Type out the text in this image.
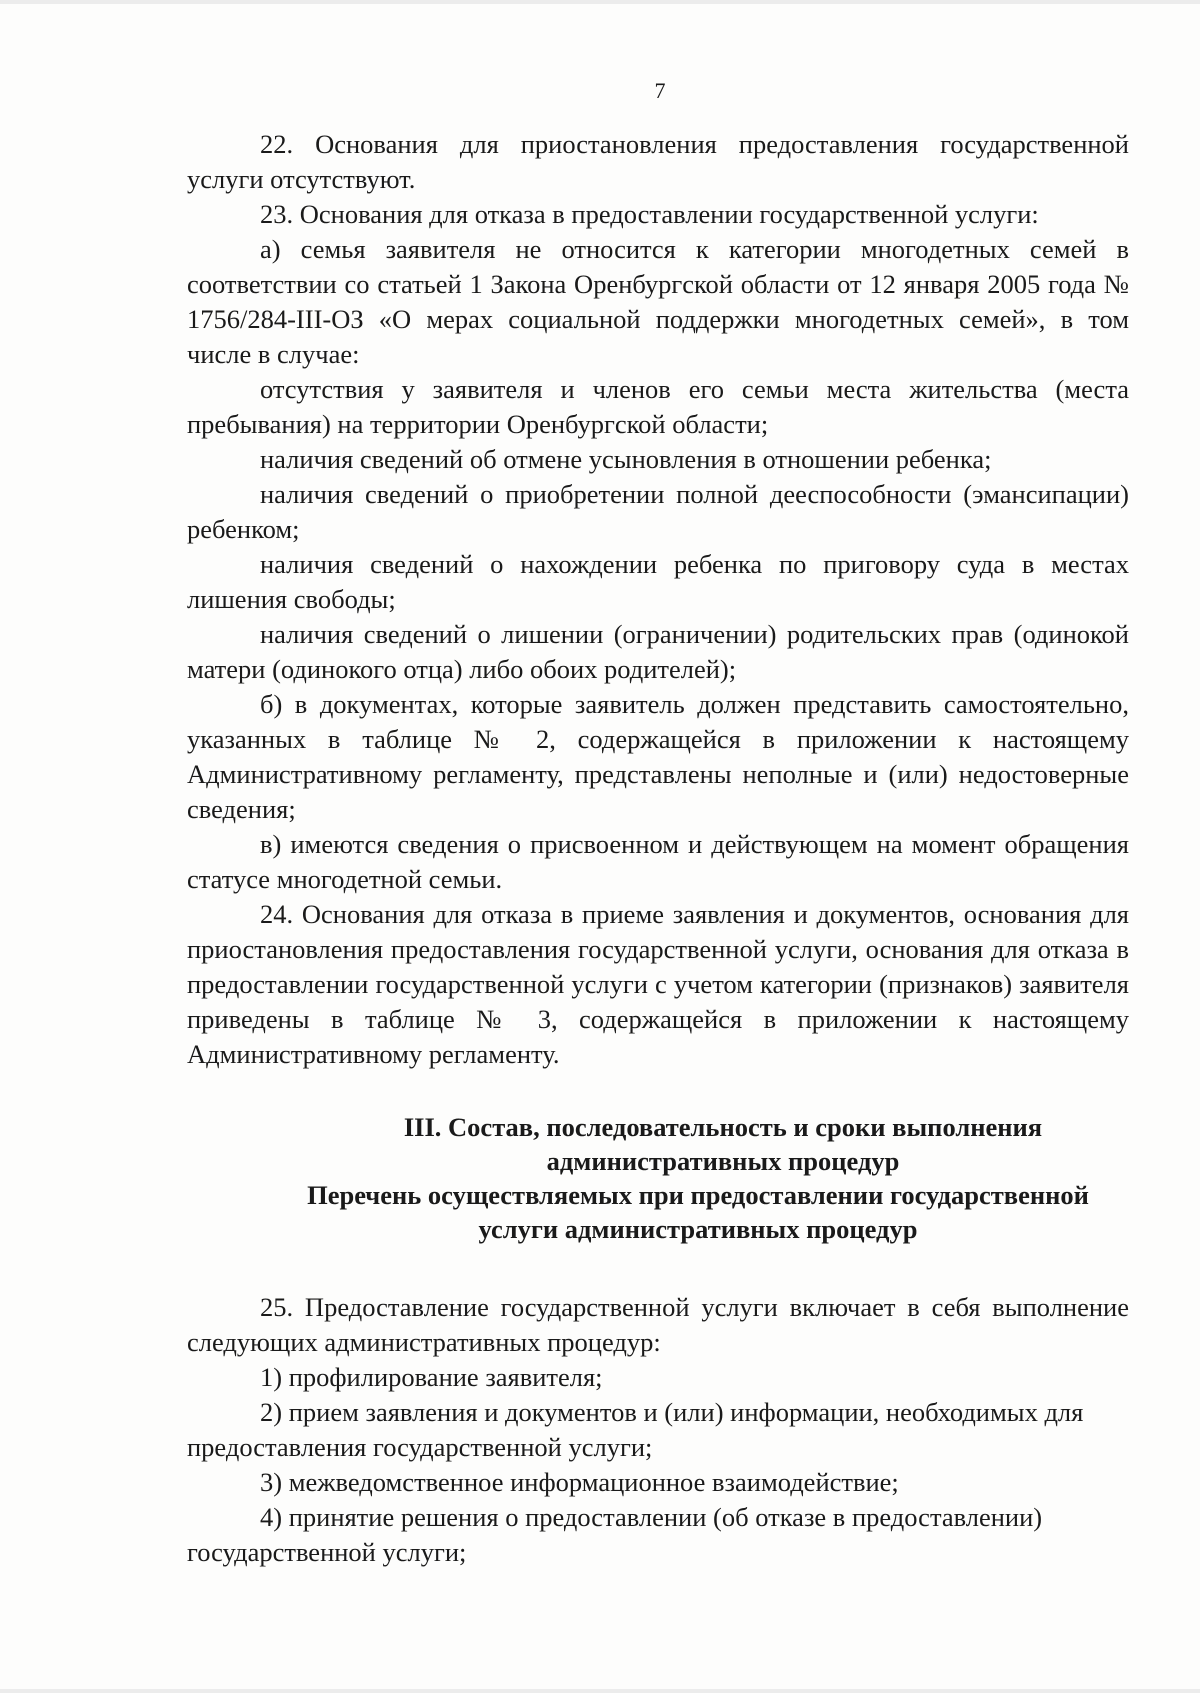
7

22. Основания для приостановления предоставления государственной услуги отсутствуют.

23. Основания для отказа в предоставлении государственной услуги:

а) семья заявителя не относится к категории многодетных семей в соответствии со статьей 1 Закона Оренбургской области от 12 января 2005 года № 1756/284-III-ОЗ «О мерах социальной поддержки многодетных семей», в том числе в случае:

отсутствия у заявителя и членов его семьи места жительства (места пребывания) на территории Оренбургской области;

наличия сведений об отмене усыновления в отношении ребенка;

наличия сведений о приобретении полной дееспособности (эмансипации) ребенком;

наличия сведений о нахождении ребенка по приговору суда в местах лишения свободы;

наличия сведений о лишении (ограничении) родительских прав (одинокой матери (одинокого отца) либо обоих родителей);

б) в документах, которые заявитель должен представить самостоятельно, указанных в таблице № 2, содержащейся в приложении к настоящему Административному регламенту, представлены неполные и (или) недостоверные сведения;

в) имеются сведения о присвоенном и действующем на момент обращения статусе многодетной семьи.

24. Основания для отказа в приеме заявления и документов, основания для приостановления предоставления государственной услуги, основания для отказа в предоставлении государственной услуги с учетом категории (признаков) заявителя приведены в таблице № 3, содержащейся в приложении к настоящему Административному регламенту.

III. Состав, последовательность и сроки выполнения

административных процедур

Перечень осуществляемых при предоставлении государственной

услуги административных процедур

25. Предоставление государственной услуги включает в себя выполнение следующих административных процедур:

1) профилирование заявителя;

2) прием заявления и документов и (или) информации, необходимых для предоставления государственной услуги;

3) межведомственное информационное взаимодействие;

4) принятие решения о предоставлении (об отказе в предоставлении) государственной услуги;
